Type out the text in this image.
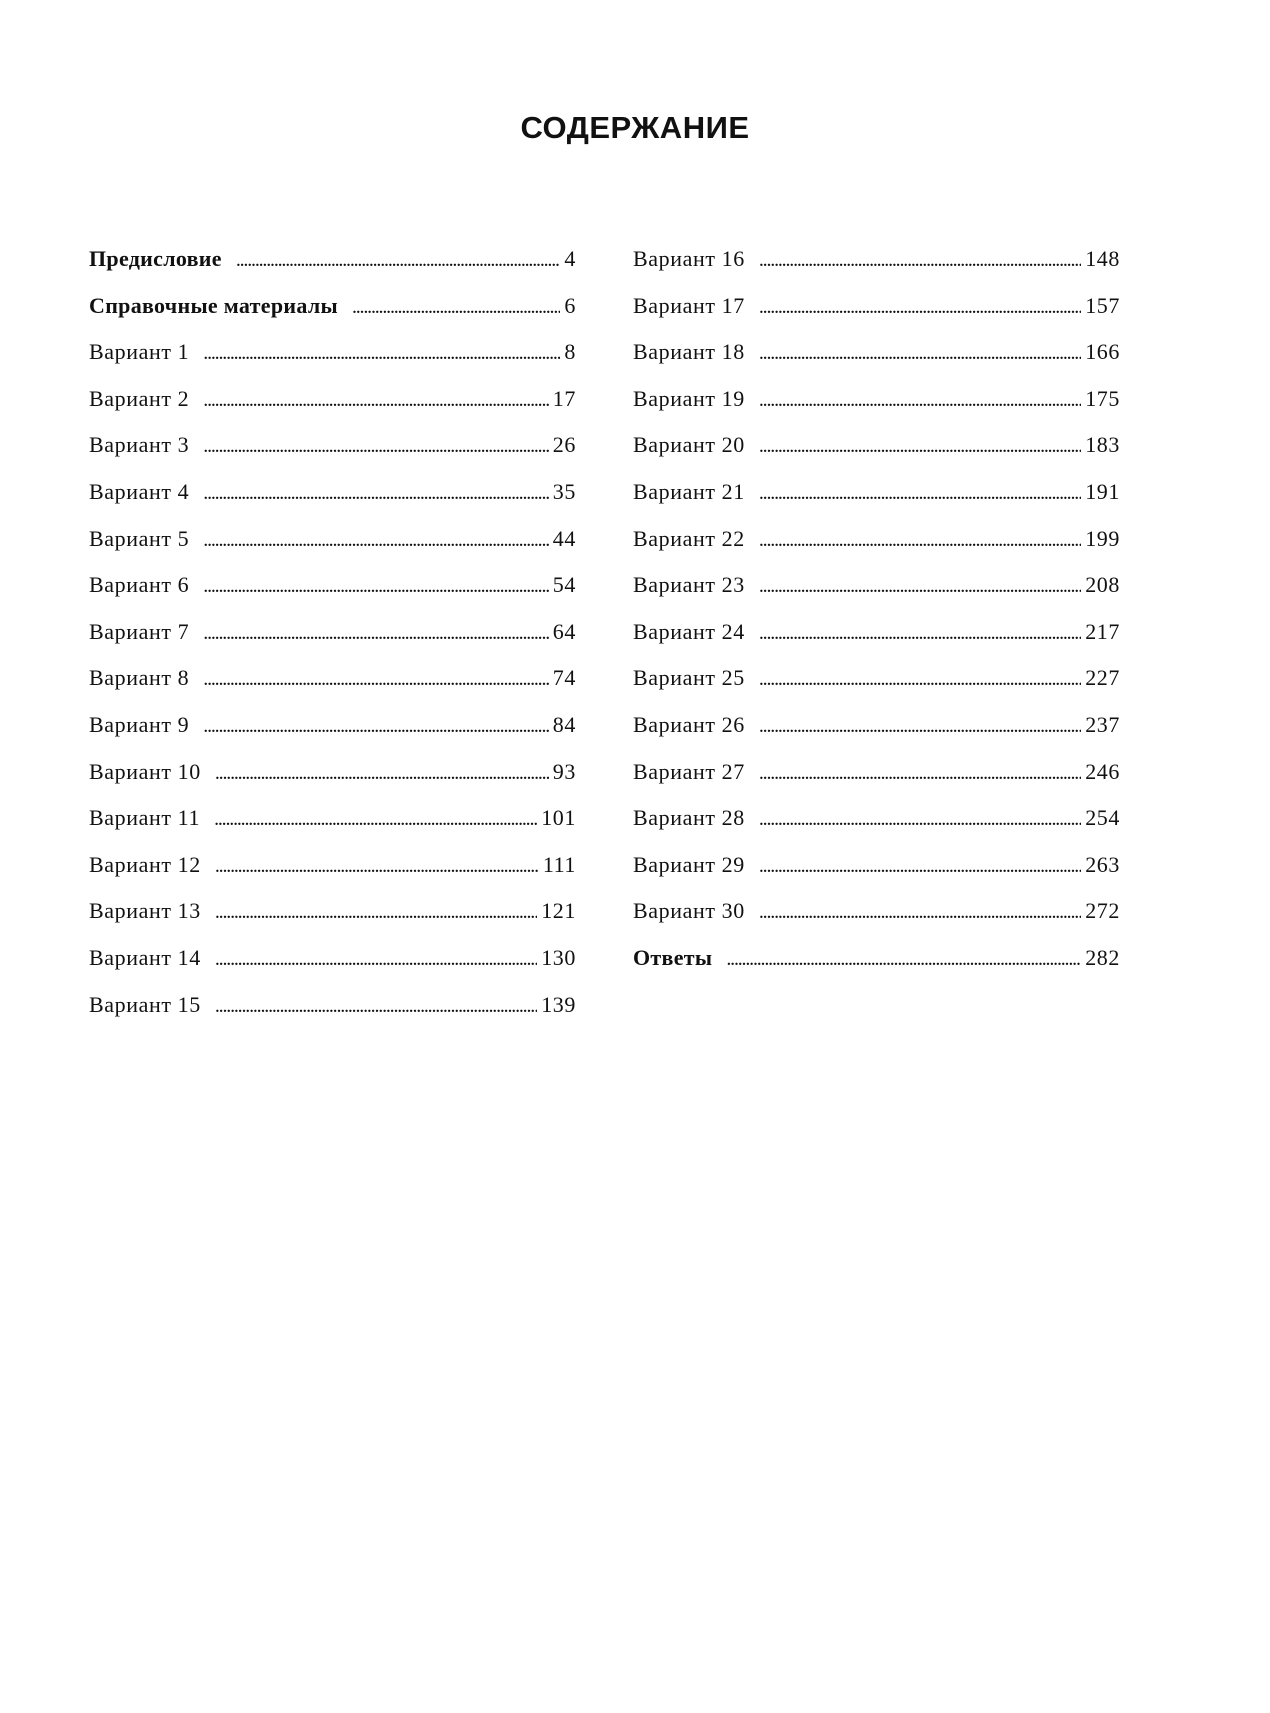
СОДЕРЖАНИЕ
Предисловие . . .	4
Справочные материалы . . .	6
Вариант 1 . . .	8
Вариант 2 . . .	17
Вариант 3 . . .	26
Вариант 4 . . .	35
Вариант 5 . . .	44
Вариант 6 . . .	54
Вариант 7 . . .	64
Вариант 8 . . .	74
Вариант 9 . . .	84
Вариант 10 . . .	93
Вариант 11 . . .	101
Вариант 12 . . .	111
Вариант 13 . . .	121
Вариант 14 . . .	130
Вариант 15 . . .	139
Вариант 16 . . .	148
Вариант 17 . . .	157
Вариант 18 . . .	166
Вариант 19 . . .	175
Вариант 20 . . .	183
Вариант 21 . . .	191
Вариант 22 . . .	199
Вариант 23 . . .	208
Вариант 24 . . .	217
Вариант 25 . . .	227
Вариант 26 . . .	237
Вариант 27 . . .	246
Вариант 28 . . .	254
Вариант 29 . . .	263
Вариант 30 . . .	272
Ответы . . .	282
